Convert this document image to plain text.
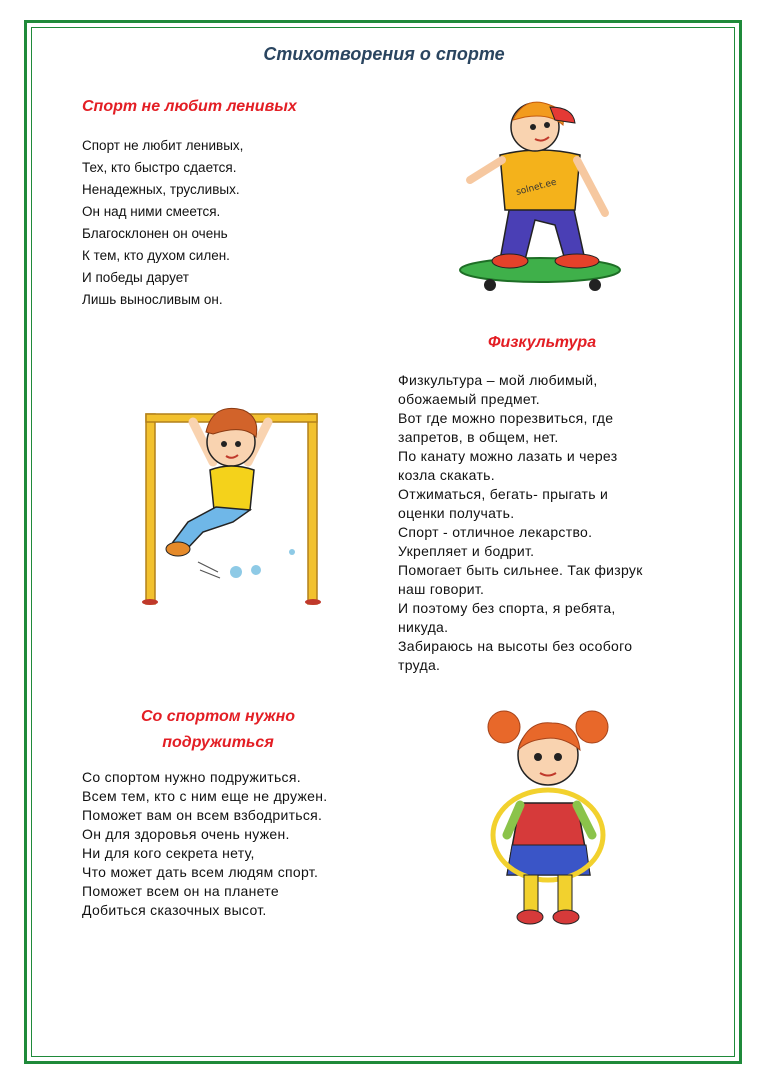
Стихотворения о спорте
Спорт не любит ленивых
Спорт не любит ленивых,
Тех, кто быстро сдается.
Ненадежных, трусливых.
Он над ними смеется.
Благосклонен он очень
К тем, кто духом силен.
И победы дарует
Лишь выносливым он.
solnet.ee
Физкультура
Физкультура – мой любимый,
обожаемый предмет.
Вот где можно порезвиться, где
запретов, в общем, нет.
По канату можно лазать и через
козла скакать.
Отжиматься, бегать- прыгать и
оценки получать.
Спорт - отличное лекарство.
Укрепляет и бодрит.
Помогает быть сильнее. Так физрук
наш говорит.
И поэтому без спорта, я ребята,
никуда.
Забираюсь на высоты без особого
труда.
Со спортом нужно
подружиться
Со спортом нужно подружиться.
Всем тем, кто с ним еще не дружен.
Поможет вам он всем взбодриться.
Он для здоровья очень нужен.
Ни для кого секрета нету,
Что может дать всем людям спорт.
Поможет всем он на планете
Добиться сказочных высот.
